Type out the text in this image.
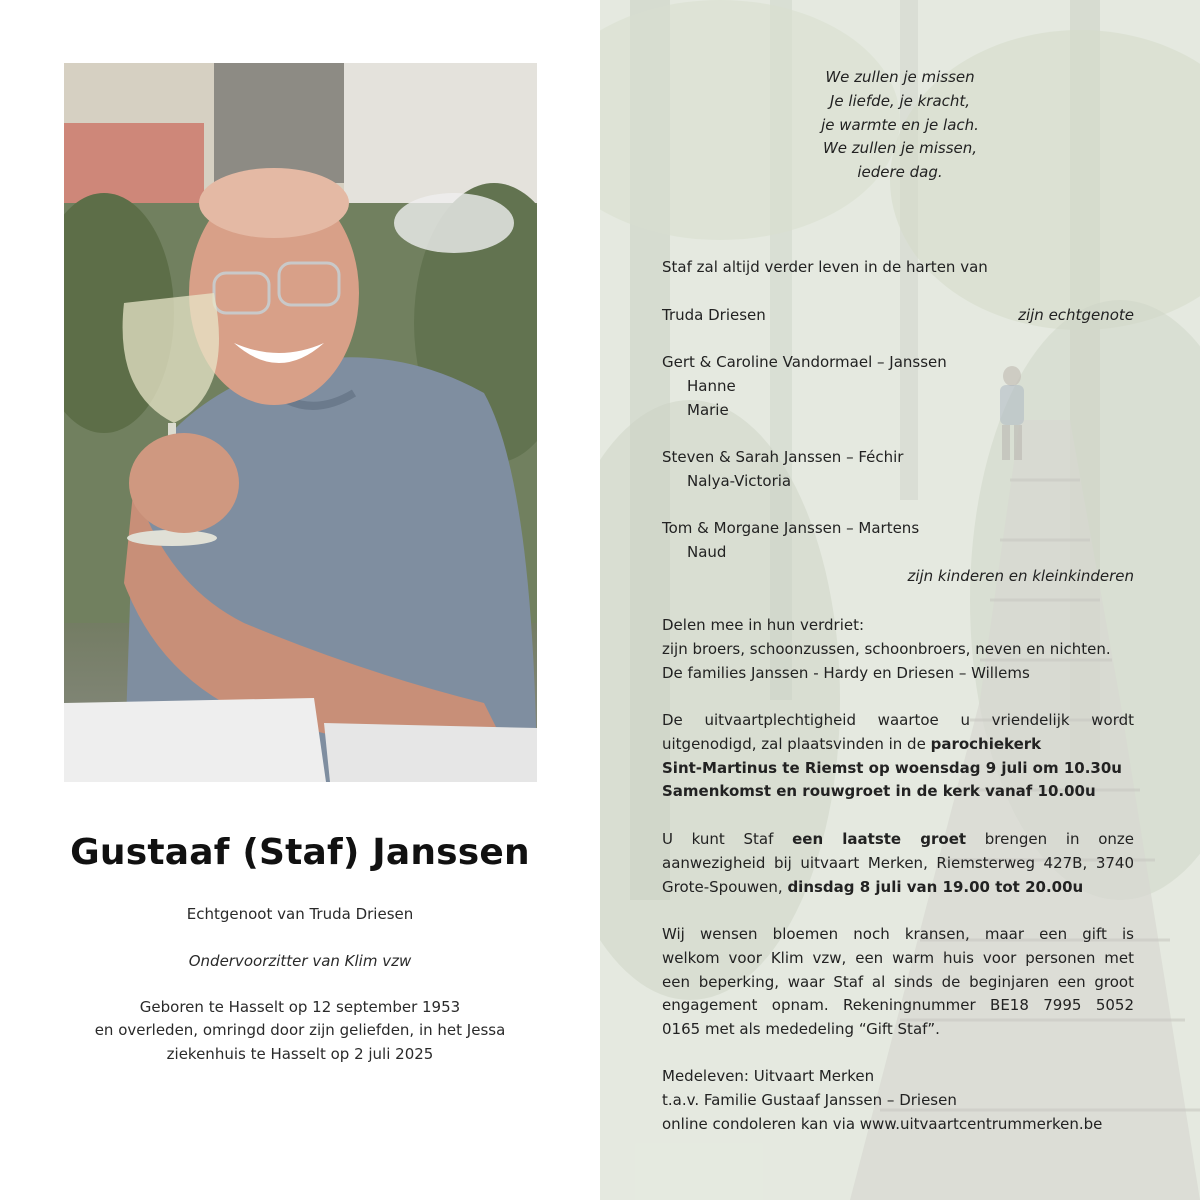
Gustaaf (Staf) Janssen
Echtgenoot van Truda Driesen
Ondervoorzitter van Klim vzw
Geboren te Hasselt op 12 september 1953
en overleden, omringd door zijn geliefden, in het Jessa
ziekenhuis te Hasselt op 2 juli 2025
We zullen je missen
Je liefde, je kracht,
je warmte en je lach.
We zullen je missen,
iedere dag.
Staf zal altijd verder leven in de harten van
Truda Driesen	zijn echtgenote
Gert & Caroline Vandormael – Janssen
Hanne
Marie
Steven & Sarah Janssen – Féchir
Nalya-Victoria
Tom & Morgane Janssen – Martens
Naud
zijn kinderen en kleinkinderen
Delen mee in hun verdriet:
zijn broers, schoonzussen, schoonbroers, neven en nichten.
De families Janssen - Hardy en Driesen – Willems
De uitvaartplechtigheid waartoe u vriendelijk wordt
uitgenodigd, zal plaatsvinden in de parochiekerk
Sint-Martinus te Riemst op woensdag 9 juli om 10.30u
Samenkomst en rouwgroet in de kerk vanaf 10.00u
U kunt Staf een laatste groet brengen in onze
aanwezigheid bij uitvaart Merken, Riemsterweg 427B, 3740
Grote-Spouwen, dinsdag 8 juli van 19.00 tot 20.00u
Wij wensen bloemen noch kransen, maar een gift is
welkom voor Klim vzw, een warm huis voor personen met
een beperking, waar Staf al sinds de beginjaren een groot
engagement opnam. Rekeningnummer BE18 7995 5052
0165 met als mededeling “Gift Staf”.
Medeleven: Uitvaart Merken
t.a.v. Familie Gustaaf Janssen – Driesen
online condoleren kan via www.uitvaartcentrummerken.be
